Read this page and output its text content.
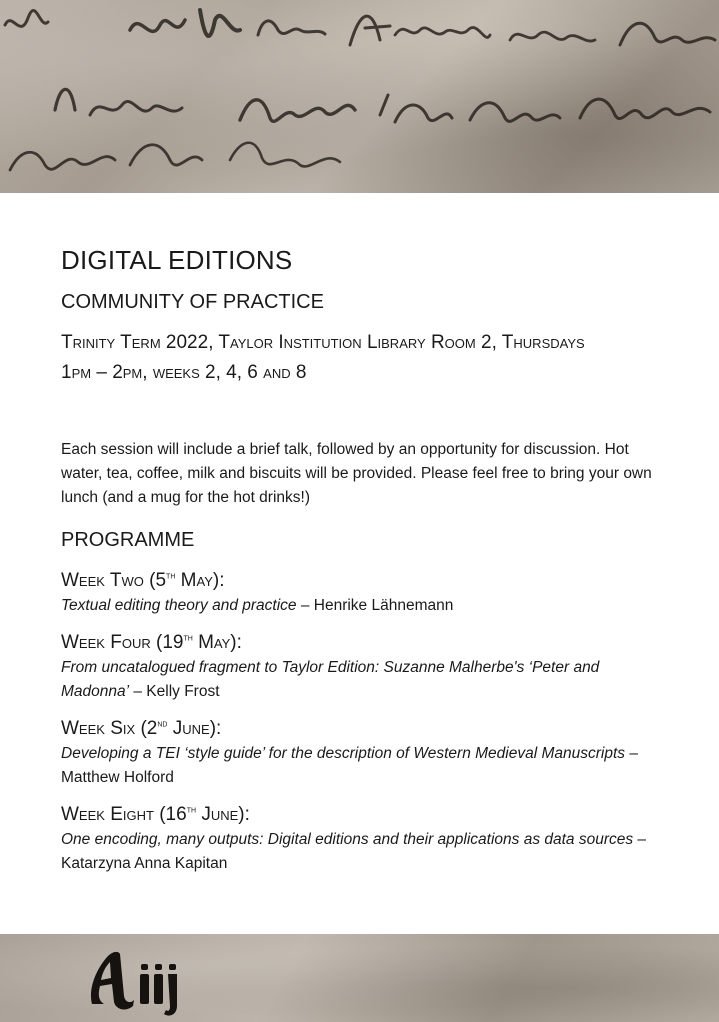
DIGITAL EDITIONS
COMMUNITY OF PRACTICE
Trinity Term 2022, Taylor Institution Library Room 2, Thursdays
1pm – 2pm, weeks 2, 4, 6 and 8

Each session will include a brief talk, followed by an opportunity for discussion. Hot water, tea, coffee, milk and biscuits will be provided. Please feel free to bring your own lunch (and a mug for the hot drinks!)

PROGRAMME
Week Two (5th May):
Textual editing theory and practice – Henrike Lähnemann
Week Four (19th May):
From uncatalogued fragment to Taylor Edition: Suzanne Malherbe's ‘Peter and Madonna’ – Kelly Frost
Week Six (2nd June):
Developing a TEI ‘style guide’ for the description of Western Medieval Manuscripts – Matthew Holford
Week Eight (16th June):
One encoding, many outputs: Digital editions and their applications as data sources – Katarzyna Anna Kapitan
